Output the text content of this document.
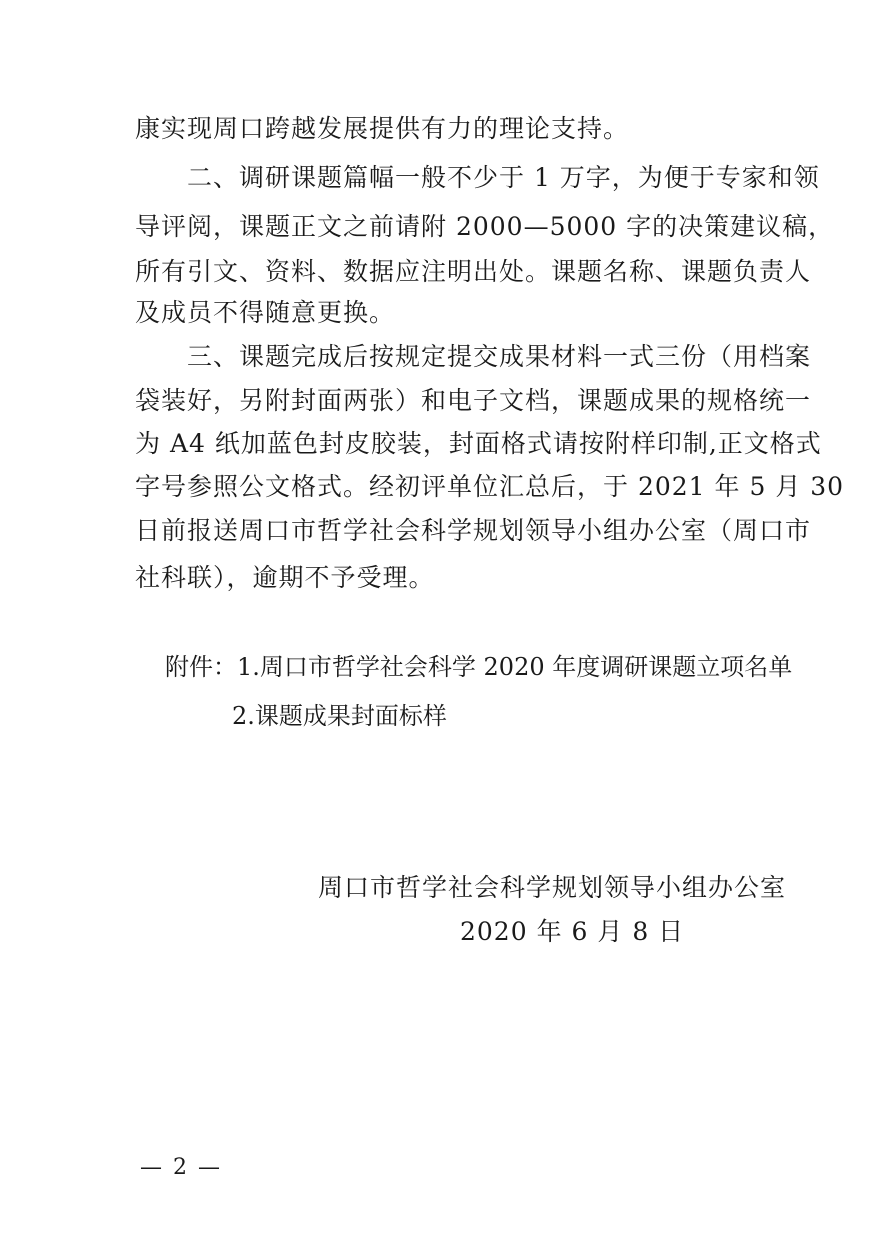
康实现周口跨越发展提供有力的理论支持。
　　二、调研课题篇幅一般不少于 1 万字，为便于专家和领
导评阅，课题正文之前请附 2000—5000 字的决策建议稿，
所有引文、资料、数据应注明出处。课题名称、课题负责人
及成员不得随意更换。
　　三、课题完成后按规定提交成果材料一式三份（用档案
袋装好，另附封面两张）和电子文档，课题成果的规格统一
为 A4 纸加蓝色封皮胶装，封面格式请按附样印制,正文格式
字号参照公文格式。经初评单位汇总后，于 2021 年 5 月 30
日前报送周口市哲学社会科学规划领导小组办公室（周口市
社科联），逾期不予受理。
附件：1.周口市哲学社会科学 2020 年度调研课题立项名单
2.课题成果封面标样
周口市哲学社会科学规划领导小组办公室
2020 年 6 月 8 日
— 2 —
